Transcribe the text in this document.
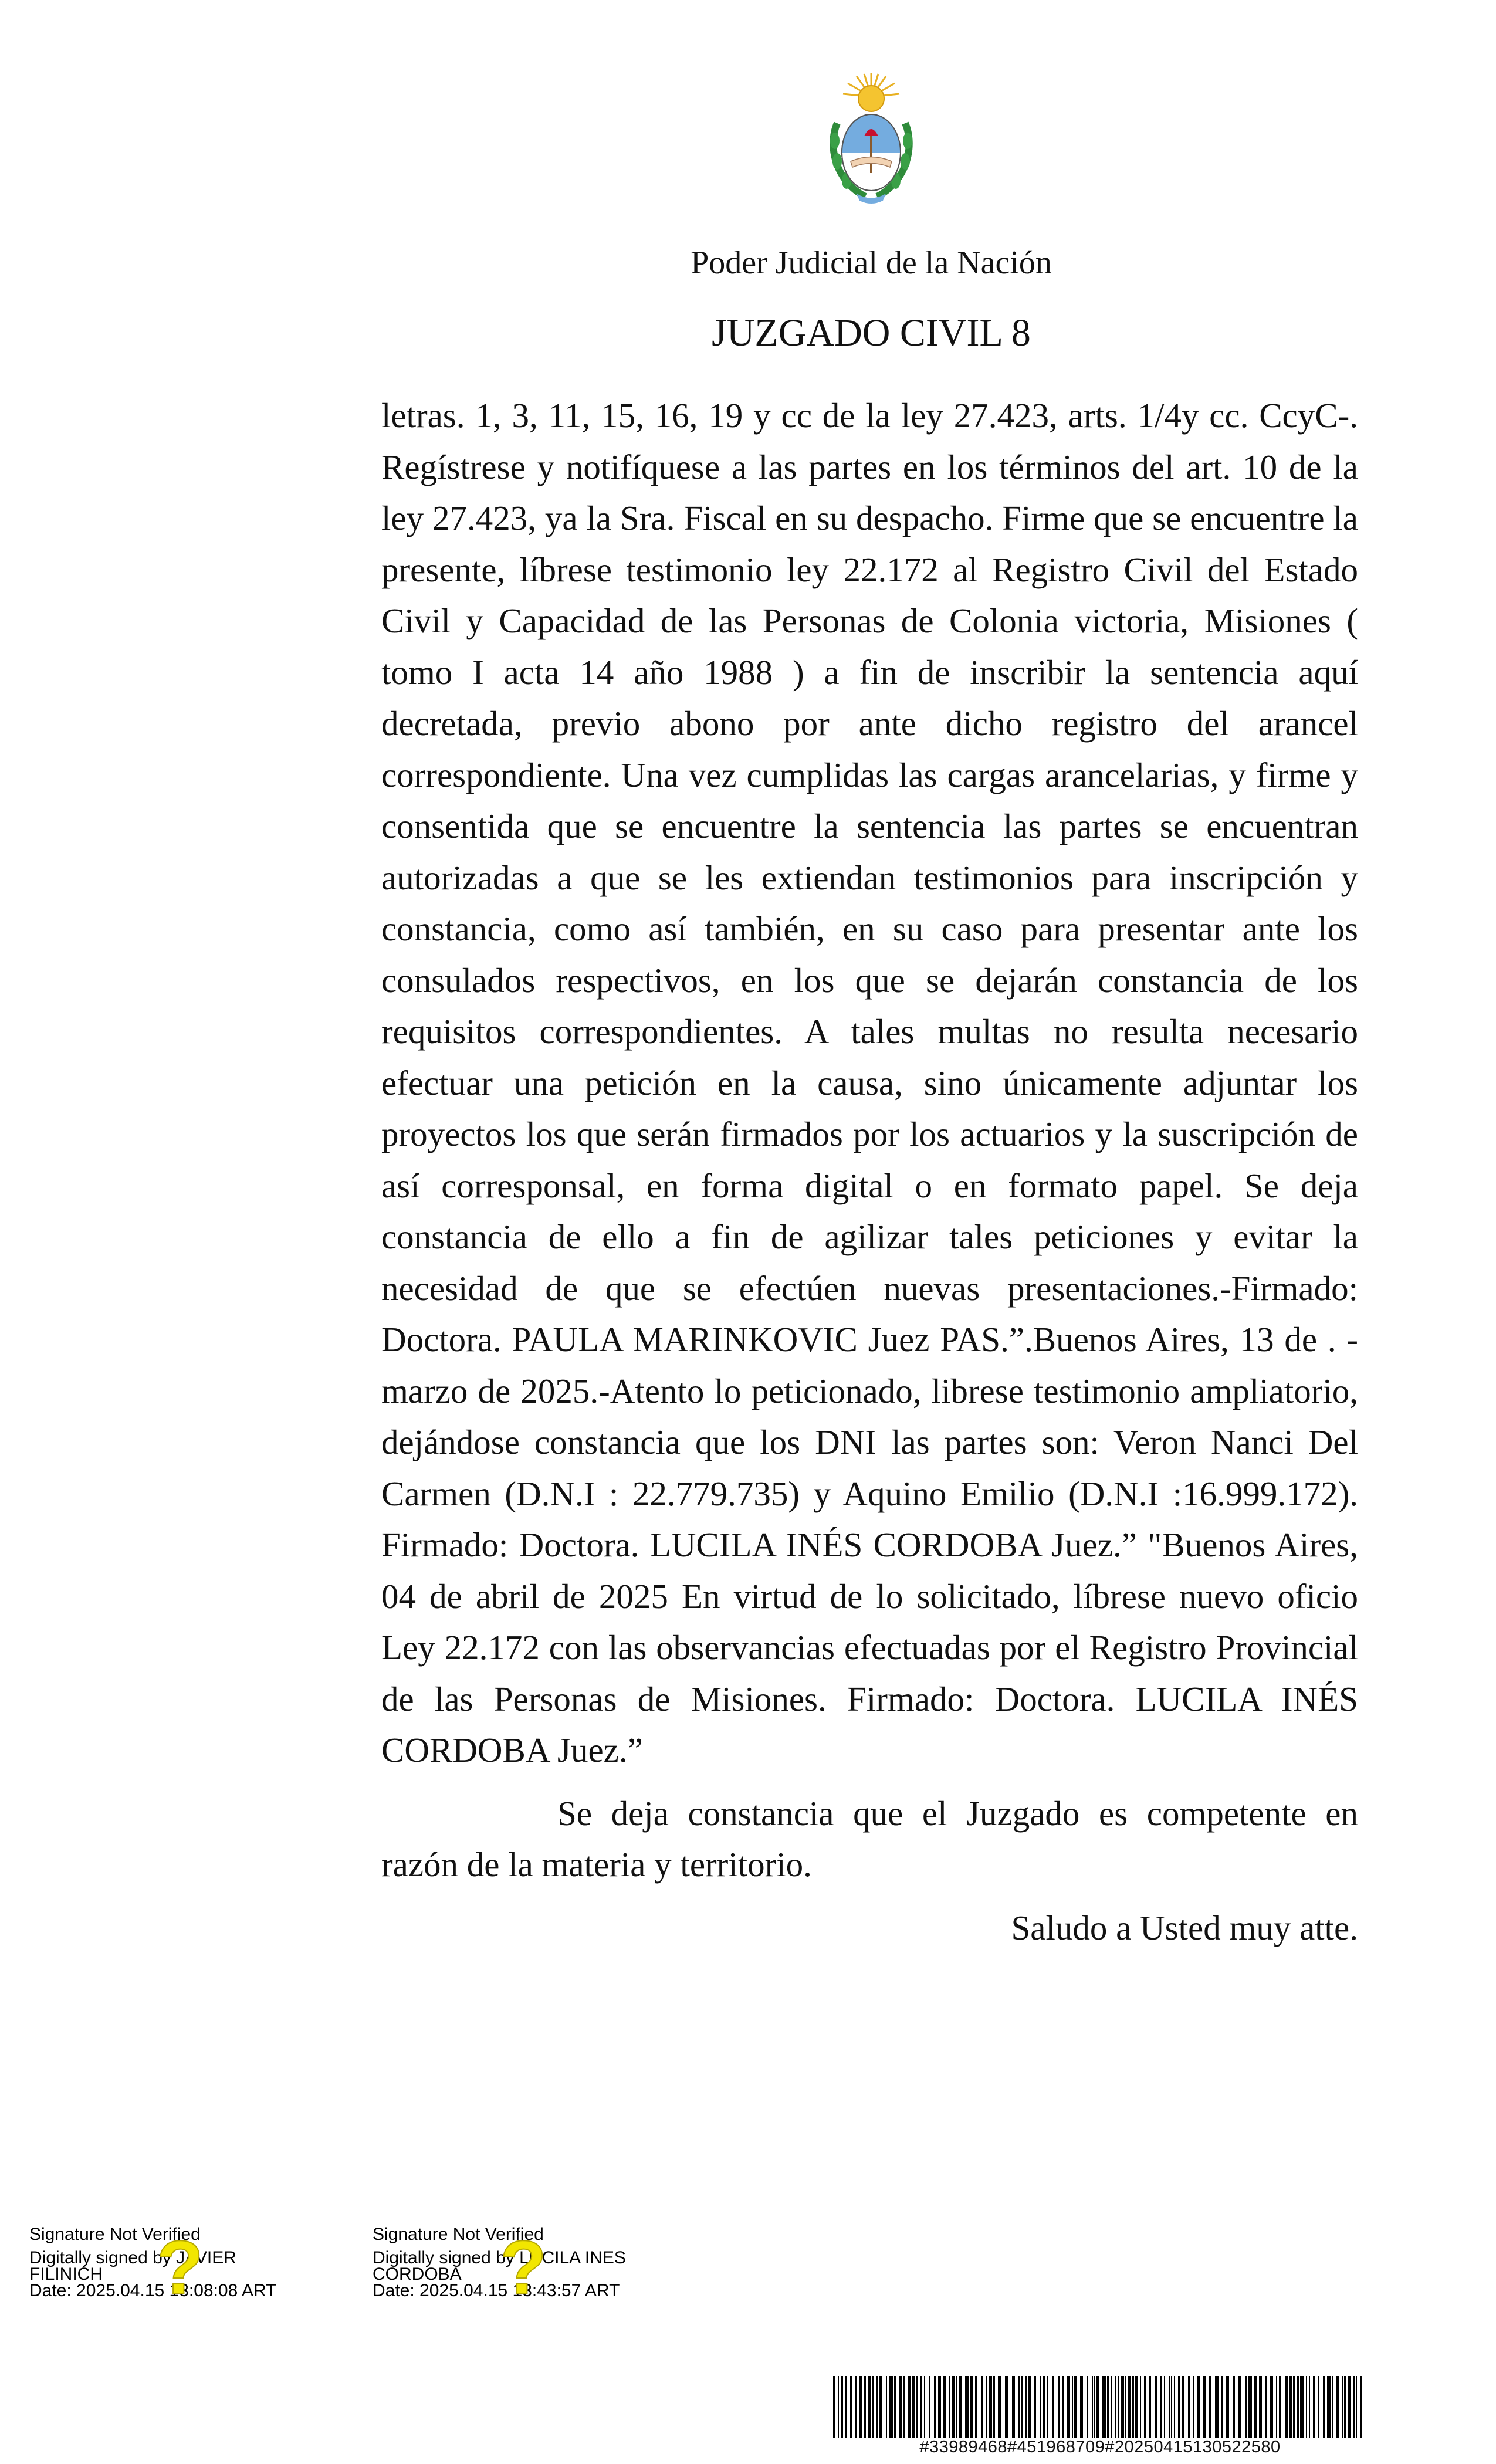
Poder Judicial de la Nación
JUZGADO CIVIL 8

letras. 1, 3, 11, 15, 16, 19 y cc de la ley 27.423, arts. 1/4y cc. CcyC-. Regístrese y notifíquese a las partes en los términos del art. 10 de la ley 27.423, ya la Sra. Fiscal en su despacho. Firme que se encuentre la presente, líbrese testimonio ley 22.172 al Registro Civil del Estado Civil y Capacidad de las Personas de Colonia victoria, Misiones ( tomo I acta 14 año 1988 ) a fin de inscribir la sentencia aquí decretada, previo abono por ante dicho registro del arancel correspondiente. Una vez cumplidas las cargas arancelarias, y firme y consentida que se encuentre la sentencia las partes se encuentran autorizadas a que se les extiendan testimonios para inscripción y constancia, como así también, en su caso para presentar ante los consulados respectivos, en los que se dejarán constancia de los requisitos correspondientes. A tales multas no resulta necesario efectuar una petición en la causa, sino únicamente adjuntar los proyectos los que serán firmados por los actuarios y la suscripción de así corresponsal, en forma digital o en formato papel. Se deja constancia de ello a fin de agilizar tales peticiones y evitar la necesidad de que se efectúen nuevas presentaciones.-Firmado: Doctora. PAULA MARINKOVIC Juez PAS.”.Buenos Aires, 13 de . -marzo de 2025.-Atento lo peticionado, librese testimonio ampliatorio, dejándose constancia que los DNI las partes son: Veron Nanci Del Carmen (D.N.I : 22.779.735) y Aquino Emilio (D.N.I :16.999.172). Firmado: Doctora. LUCILA INÉS CORDOBA Juez.” "Buenos Aires, 04 de abril de 2025 En virtud de lo solicitado, líbrese nuevo oficio Ley 22.172 con las observancias efectuadas por el Registro Provincial de las Personas de Misiones. Firmado: Doctora. LUCILA INÉS CORDOBA Juez.”

Se deja constancia que el Juzgado es competente en razón de la materia y territorio.

Saludo a Usted muy atte.

Signature Not Verified
Digitally signed by JAVIER
FILINICH
Date: 2025.04.15 13:08:08 ART
?	Signature Not Verified
Digitally signed by LUCILA INES
CORDOBA
Date: 2025.04.15 13:43:57 ART
?
#33989468#451968709#20250415130522580
